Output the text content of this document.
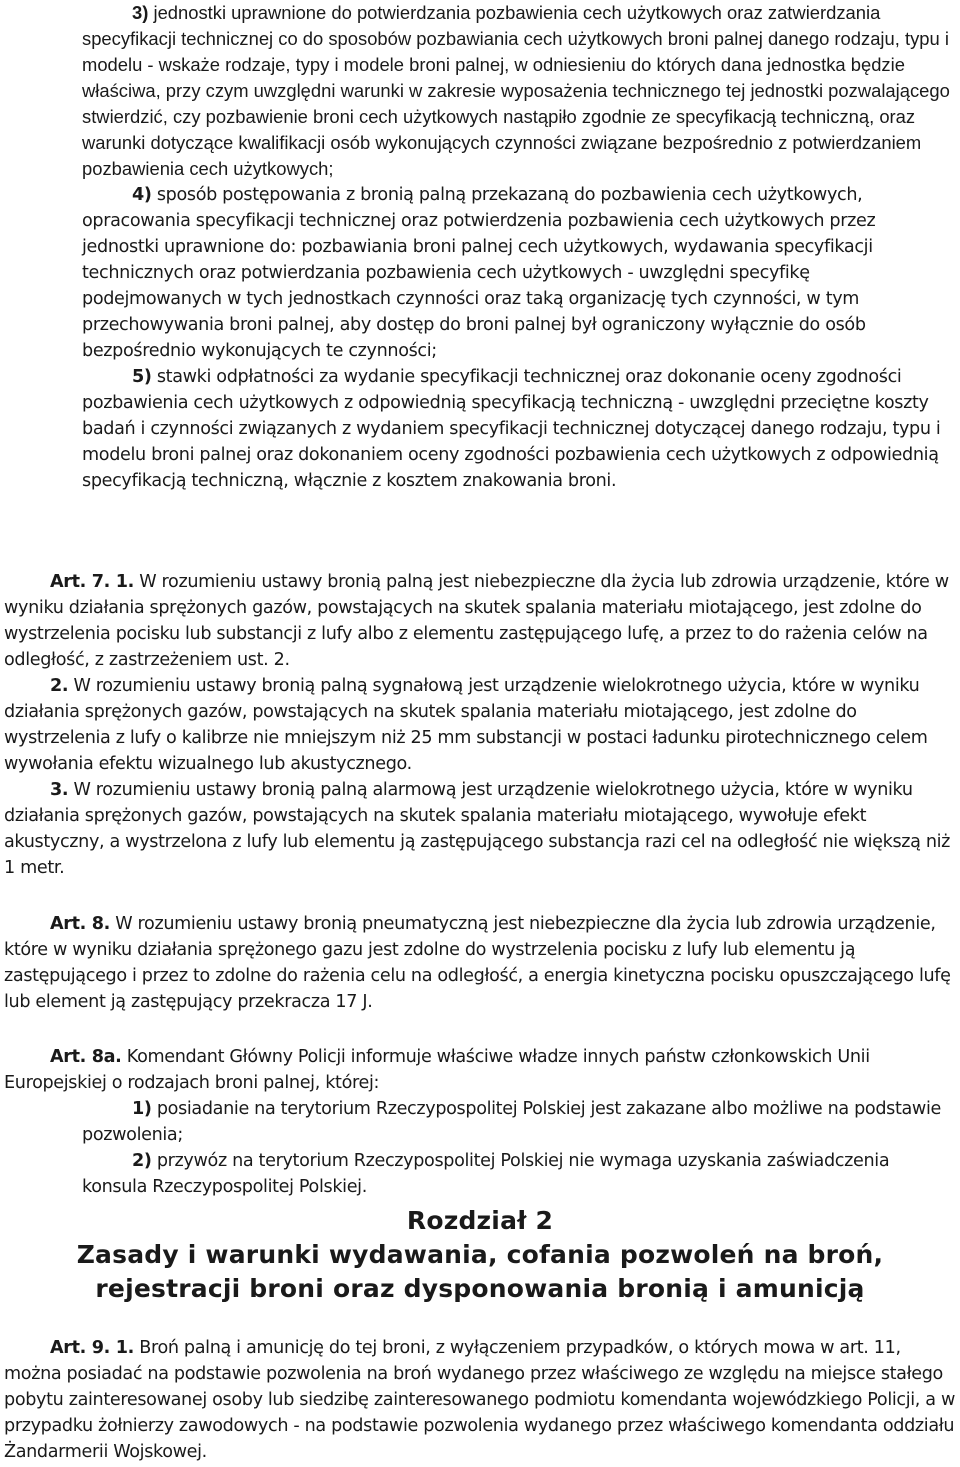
3) jednostki uprawnione do potwierdzania pozbawienia cech użytkowych oraz zatwierdzania specyfikacji technicznej co do sposobów pozbawiania cech użytkowych broni palnej danego rodzaju, typu i modelu - wskaże rodzaje, typy i modele broni palnej, w odniesieniu do których dana jednostka będzie właściwa, przy czym uwzględni warunki w zakresie wyposażenia technicznego tej jednostki pozwalającego stwierdzić, czy pozbawienie broni cech użytkowych nastąpiło zgodnie ze specyfikacją techniczną, oraz warunki dotyczące kwalifikacji osób wykonujących czynności związane bezpośrednio z potwierdzaniem pozbawienia cech użytkowych;

4) sposób postępowania z bronią palną przekazaną do pozbawienia cech użytkowych, opracowania specyfikacji technicznej oraz potwierdzenia pozbawienia cech użytkowych przez jednostki uprawnione do: pozbawiania broni palnej cech użytkowych, wydawania specyfikacji technicznych oraz potwierdzania pozbawienia cech użytkowych - uwzględni specyfikę podejmowanych w tych jednostkach czynności oraz taką organizację tych czynności, w tym przechowywania broni palnej, aby dostęp do broni palnej był ograniczony wyłącznie do osób bezpośrednio wykonujących te czynności;

5) stawki odpłatności za wydanie specyfikacji technicznej oraz dokonanie oceny zgodności pozbawienia cech użytkowych z odpowiednią specyfikacją techniczną - uwzględni przeciętne koszty badań i czynności związanych z wydaniem specyfikacji technicznej dotyczącej danego rodzaju, typu i modelu broni palnej oraz dokonaniem oceny zgodności pozbawienia cech użytkowych z odpowiednią specyfikacją techniczną, włącznie z kosztem znakowania broni.

Art. 7. 1. W rozumieniu ustawy bronią palną jest niebezpieczne dla życia lub zdrowia urządzenie, które w wyniku działania sprężonych gazów, powstających na skutek spalania materiału miotającego, jest zdolne do wystrzelenia pocisku lub substancji z lufy albo z elementu zastępującego lufę, a przez to do rażenia celów na odległość, z zastrzeżeniem ust. 2.

2. W rozumieniu ustawy bronią palną sygnałową jest urządzenie wielokrotnego użycia, które w wyniku działania sprężonych gazów, powstających na skutek spalania materiału miotającego, jest zdolne do wystrzelenia z lufy o kalibrze nie mniejszym niż 25 mm substancji w postaci ładunku pirotechnicznego celem wywołania efektu wizualnego lub akustycznego.

3. W rozumieniu ustawy bronią palną alarmową jest urządzenie wielokrotnego użycia, które w wyniku działania sprężonych gazów, powstających na skutek spalania materiału miotającego, wywołuje efekt akustyczny, a wystrzelona z lufy lub elementu ją zastępującego substancja razi cel na odległość nie większą niż 1 metr.

Art. 8. W rozumieniu ustawy bronią pneumatyczną jest niebezpieczne dla życia lub zdrowia urządzenie, które w wyniku działania sprężonego gazu jest zdolne do wystrzelenia pocisku z lufy lub elementu ją zastępującego i przez to zdolne do rażenia celu na odległość, a energia kinetyczna pocisku opuszczającego lufę lub element ją zastępujący przekracza 17 J.

Art. 8a. Komendant Główny Policji informuje właściwe władze innych państw członkowskich Unii Europejskiej o rodzajach broni palnej, której:

1) posiadanie na terytorium Rzeczypospolitej Polskiej jest zakazane albo możliwe na podstawie pozwolenia;

2) przywóz na terytorium Rzeczypospolitej Polskiej nie wymaga uzyskania zaświadczenia konsula Rzeczypospolitej Polskiej.

Rozdział 2
Zasady i warunki wydawania, cofania pozwoleń na broń,
rejestracji broni oraz dysponowania bronią i amunicją

Art. 9. 1. Broń palną i amunicję do tej broni, z wyłączeniem przypadków, o których mowa w art. 11, można posiadać na podstawie pozwolenia na broń wydanego przez właściwego ze względu na miejsce stałego pobytu zainteresowanej osoby lub siedzibę zainteresowanego podmiotu komendanta wojewódzkiego Policji, a w przypadku żołnierzy zawodowych - na podstawie pozwolenia wydanego przez właściwego komendanta oddziału Żandarmerii Wojskowej.
